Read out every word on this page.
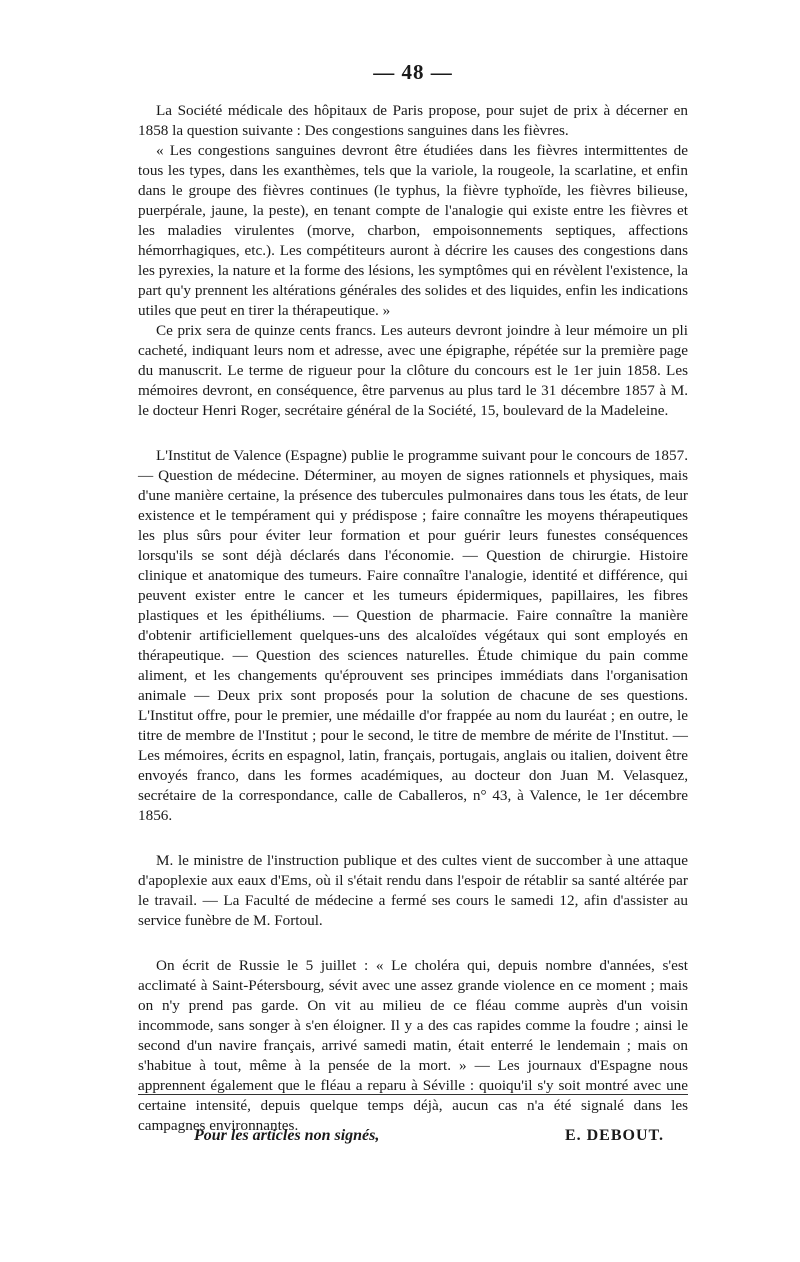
— 48 —

La Société médicale des hôpitaux de Paris propose, pour sujet de prix à décerner en 1858 la question suivante : Des congestions sanguines dans les fièvres.

« Les congestions sanguines devront être étudiées dans les fièvres intermittentes de tous les types, dans les exanthèmes, tels que la variole, la rougeole, la scarlatine, et enfin dans le groupe des fièvres continues (le typhus, la fièvre typhoïde, les fièvres bilieuse, puerpérale, jaune, la peste), en tenant compte de l'analogie qui existe entre les fièvres et les maladies virulentes (morve, charbon, empoisonnements septiques, affections hémorrhagiques, etc.). Les compétiteurs auront à décrire les causes des congestions dans les pyrexies, la nature et la forme des lésions, les symptômes qui en révèlent l'existence, la part qu'y prennent les altérations générales des solides et des liquides, enfin les indications utiles que peut en tirer la thérapeutique. »

Ce prix sera de quinze cents francs. Les auteurs devront joindre à leur mémoire un pli cacheté, indiquant leurs nom et adresse, avec une épigraphe, répétée sur la première page du manuscrit. Le terme de rigueur pour la clôture du concours est le 1er juin 1858. Les mémoires devront, en conséquence, être parvenus au plus tard le 31 décembre 1857 à M. le docteur Henri Roger, secrétaire général de la Société, 15, boulevard de la Madeleine.

L'Institut de Valence (Espagne) publie le programme suivant pour le concours de 1857. — Question de médecine. Déterminer, au moyen de signes rationnels et physiques, mais d'une manière certaine, la présence des tubercules pulmonaires dans tous les états, de leur existence et le tempérament qui y prédispose ; faire connaître les moyens thérapeutiques les plus sûrs pour éviter leur formation et pour guérir leurs funestes conséquences lorsqu'ils se sont déjà déclarés dans l'économie. — Question de chirurgie. Histoire clinique et anatomique des tumeurs. Faire connaître l'analogie, identité et différence, qui peuvent exister entre le cancer et les tumeurs épidermiques, papillaires, les fibres plastiques et les épithéliums. — Question de pharmacie. Faire connaître la manière d'obtenir artificiellement quelques-uns des alcaloïdes végétaux qui sont employés en thérapeutique. — Question des sciences naturelles. Étude chimique du pain comme aliment, et les changements qu'éprouvent ses principes immédiats dans l'organisation animale — Deux prix sont proposés pour la solution de chacune de ses questions. L'Institut offre, pour le premier, une médaille d'or frappée au nom du lauréat ; en outre, le titre de membre de l'Institut ; pour le second, le titre de membre de mérite de l'Institut. — Les mémoires, écrits en espagnol, latin, français, portugais, anglais ou italien, doivent être envoyés franco, dans les formes académiques, au docteur don Juan M. Velasquez, secrétaire de la correspondance, calle de Caballeros, n° 43, à Valence, le 1er décembre 1856.

M. le ministre de l'instruction publique et des cultes vient de succomber à une attaque d'apoplexie aux eaux d'Ems, où il s'était rendu dans l'espoir de rétablir sa santé altérée par le travail. — La Faculté de médecine a fermé ses cours le samedi 12, afin d'assister au service funèbre de M. Fortoul.

On écrit de Russie le 5 juillet : « Le choléra qui, depuis nombre d'années, s'est acclimaté à Saint-Pétersbourg, sévit avec une assez grande violence en ce moment ; mais on n'y prend pas garde. On vit au milieu de ce fléau comme auprès d'un voisin incommode, sans songer à s'en éloigner. Il y a des cas rapides comme la foudre ; ainsi le second d'un navire français, arrivé samedi matin, était enterré le lendemain ; mais on s'habitue à tout, même à la pensée de la mort. » — Les journaux d'Espagne nous apprennent également que le fléau a reparu à Séville : quoiqu'il s'y soit montré avec une certaine intensité, depuis quelque temps déjà, aucun cas n'a été signalé dans les campagnes environnantes.

Pour les articles non signés,	E. DEBOUT.
